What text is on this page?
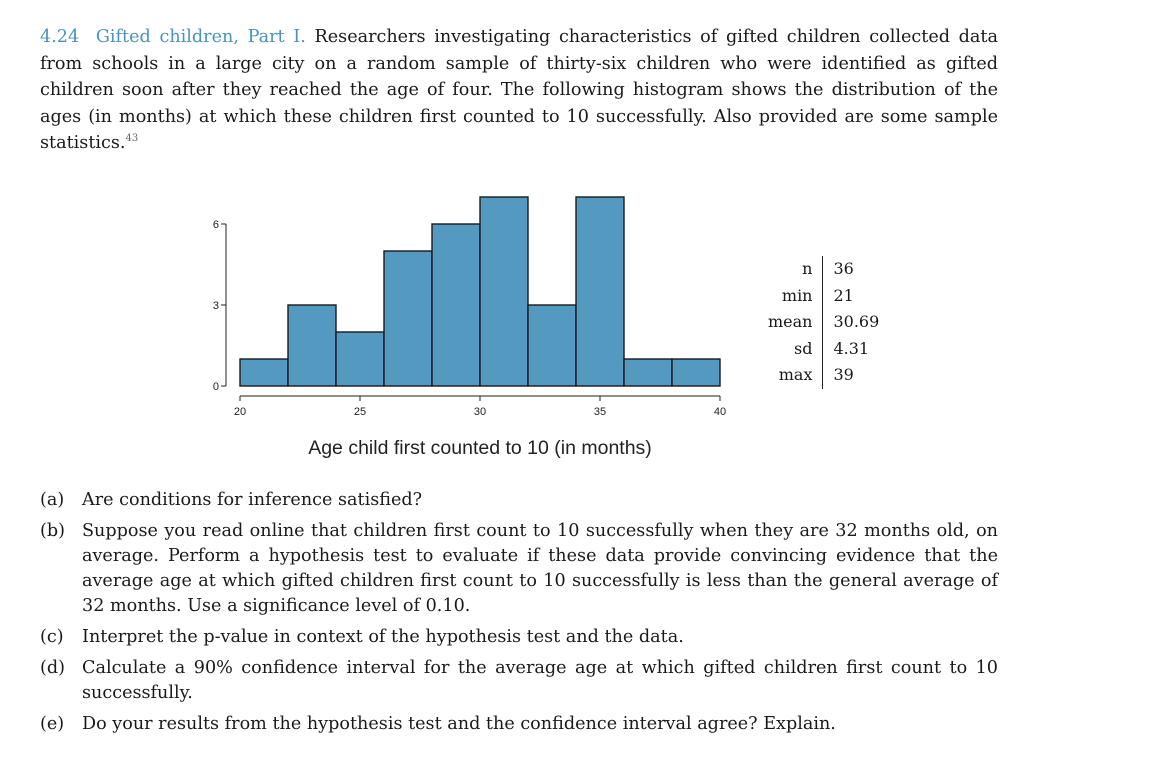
4.24 Gifted children, Part I. Researchers investigating characteristics of gifted children collected data from schools in a large city on a random sample of thirty-six children who were identified as gifted children soon after they reached the age of four. The following histogram shows the distribution of the ages (in months) at which these children first counted to 10 successfully. Also provided are some sample statistics.$^{43}$
0
3
6
20	25	30	35	40
Age child first counted to 10 (in months)
n	36
min	21
mean	30.69
sd	4.31
max	39
(a)	Are conditions for inference satisfied?
(b) Suppose you read online that children first count to 10 successfully when they are 32 months old, on average. Perform a hypothesis test to evaluate if these data provide convincing evidence that the average age at which gifted children first count to 10 successfully is less than the general average of 32 months. Use a significance level of 0.10.
(c)	Interpret the p-value in context of the hypothesis test and the data.
(d) Calculate a 90% confidence interval for the average age at which gifted children first count to 10 successfully.
(e)	Do your results from the hypothesis test and the confidence interval agree? Explain.
